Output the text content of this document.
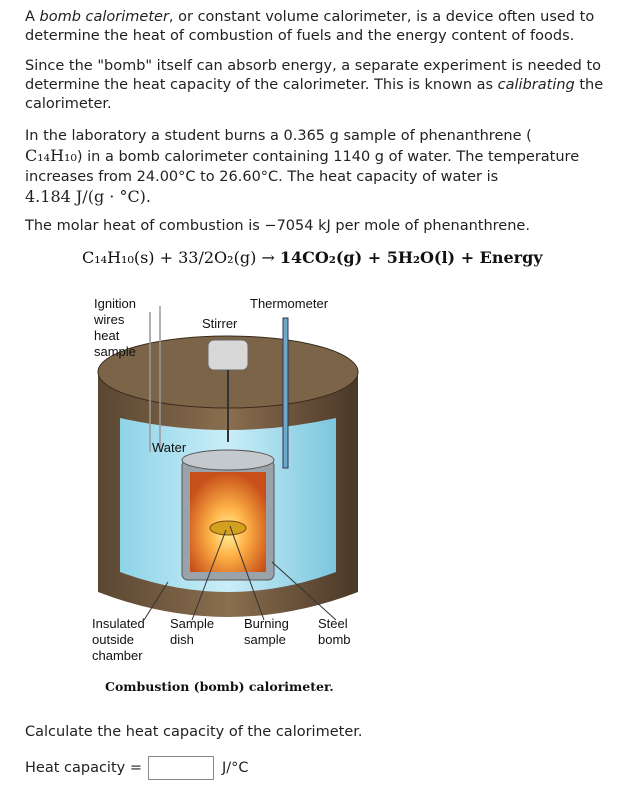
A bomb calorimeter, or constant volume calorimeter, is a device often used to determine the heat of combustion of fuels and the energy content of foods.

Since the "bomb" itself can absorb energy, a separate experiment is needed to determine the heat capacity of the calorimeter. This is known as calibrating the calorimeter.

In the laboratory a student burns a 0.365 g sample of phenanthrene (
C₁₄H₁₀) in a bomb calorimeter containing 1140 g of water. The temperature increases from 24.00°C to 26.60°C. The heat capacity of water is
4.184 J/(g · °C).

The molar heat of combustion is −7054 kJ per mole of phenanthrene.

C₁₄H₁₀(s) + 33/2O₂(g) → 14CO₂(g) + 5H₂O(l) + Energy
Ignition
wires
heat
sample
Stirrer
Thermometer
Water
Insulated
outside
chamber
Sample
dish
Burning
sample
Steel
bomb
Combustion (bomb) calorimeter.
Calculate the heat capacity of the calorimeter.
Heat capacity =	J/°C
